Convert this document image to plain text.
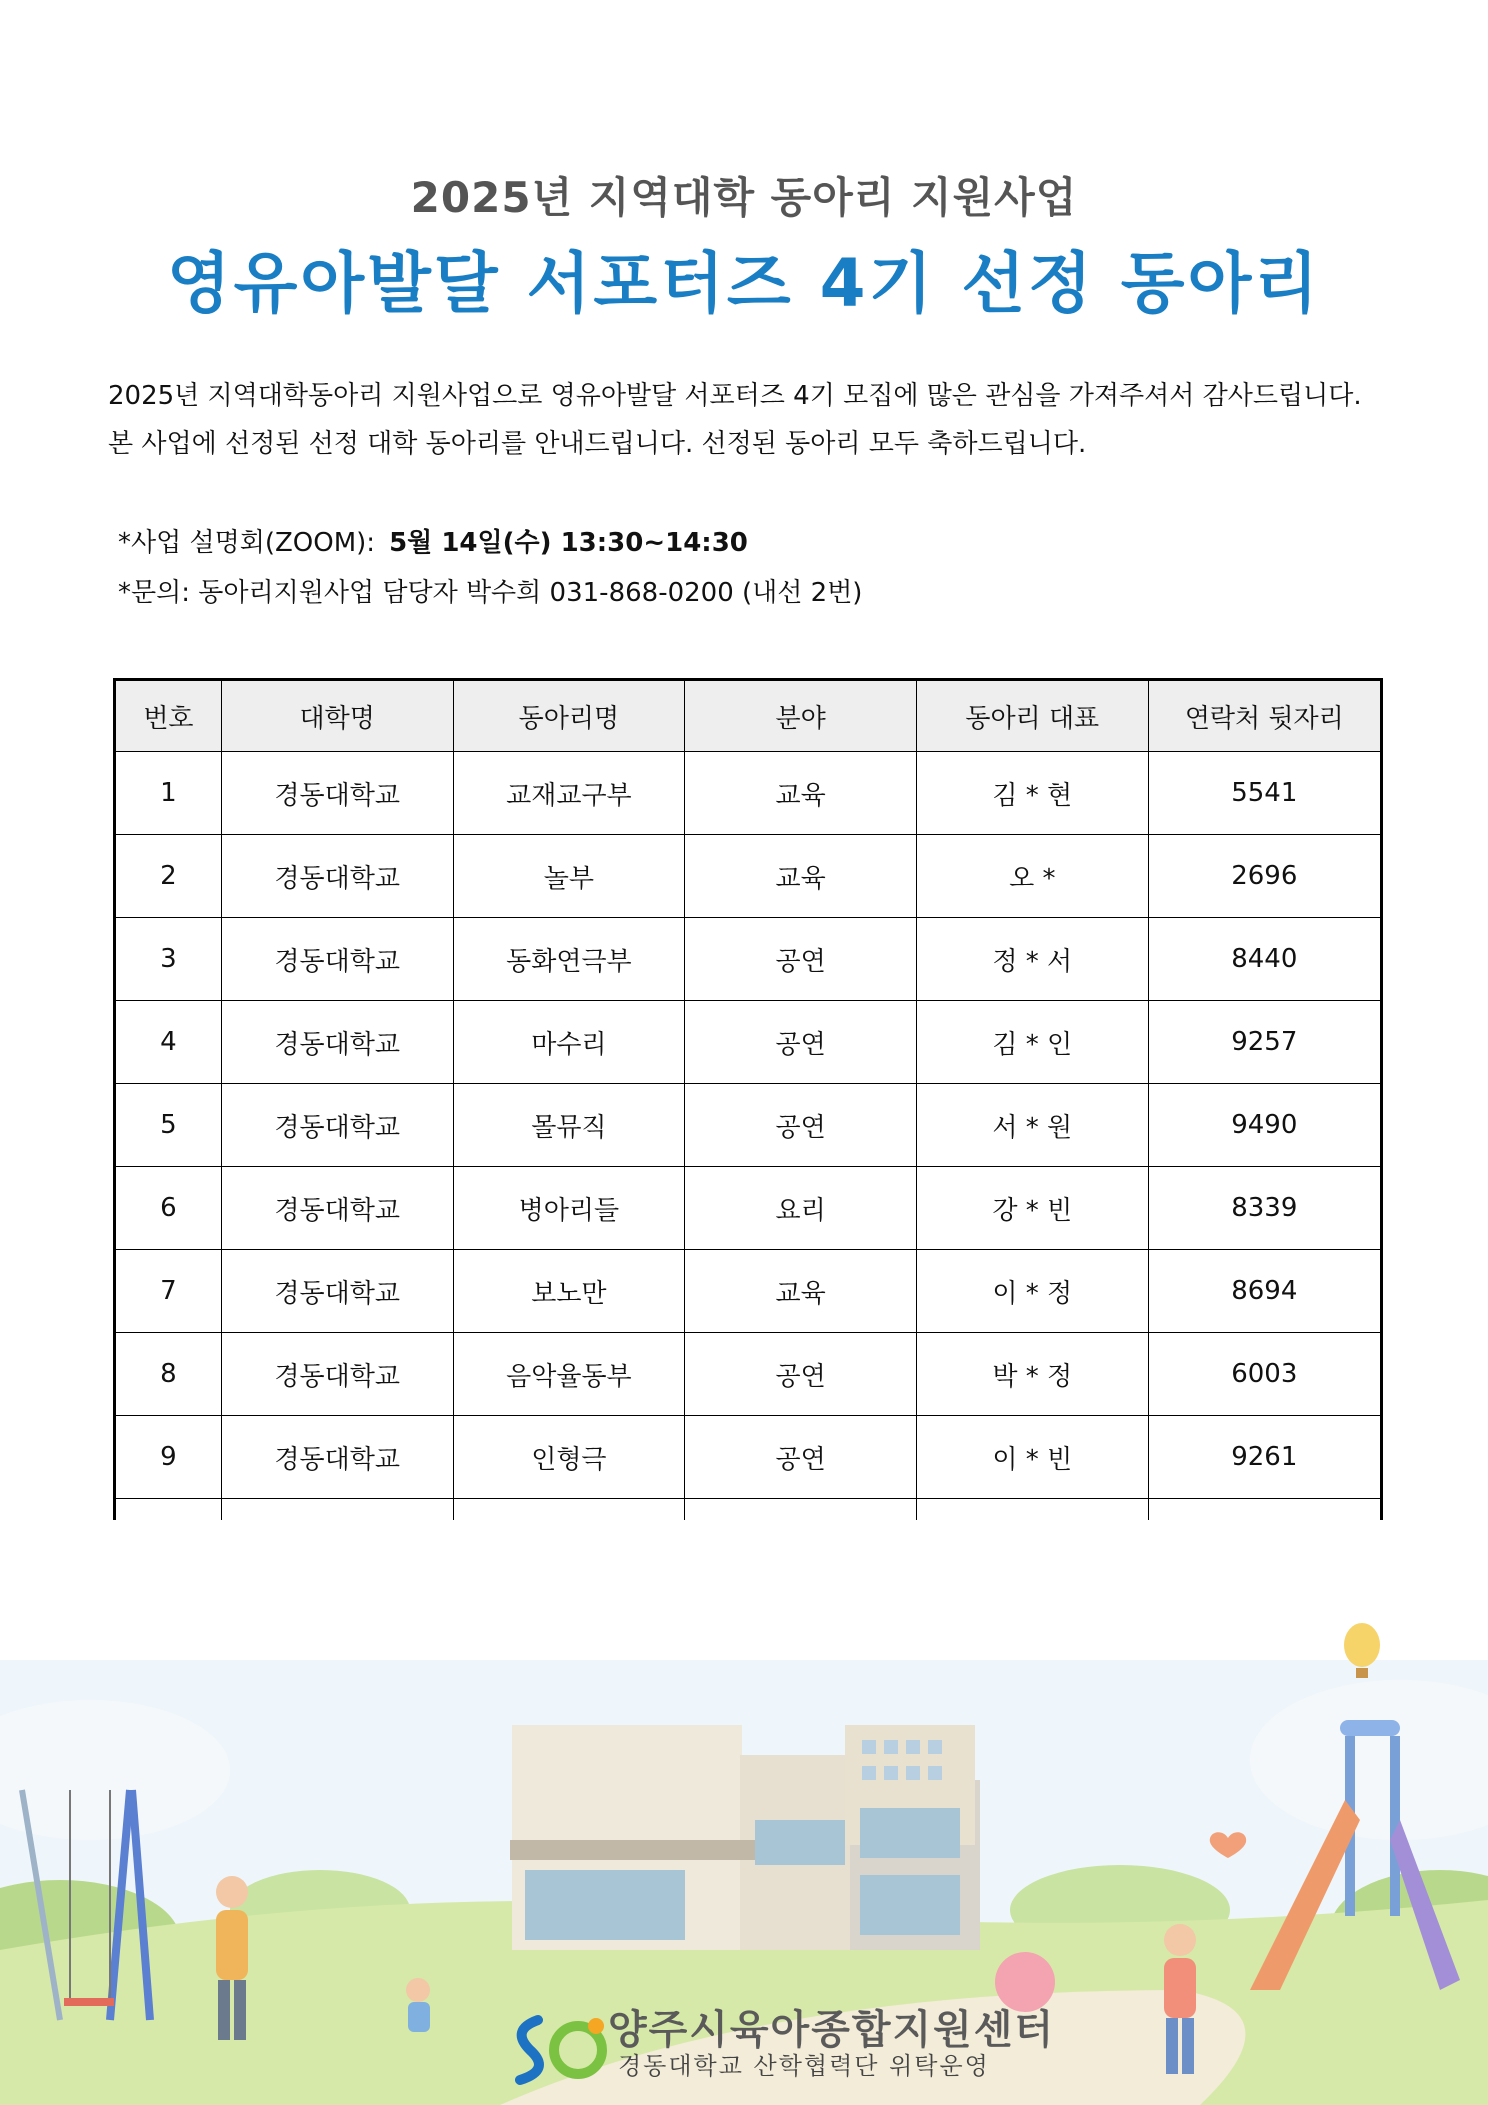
2025년 지역대학 동아리 지원사업
영유아발달 서포터즈 4기 선정 동아리

2025년 지역대학동아리 지원사업으로 영유아발달 서포터즈 4기 모집에 많은 관심을 가져주셔서 감사드립니다.

본 사업에 선정된 선정 대학 동아리를 안내드립니다. 선정된 동아리 모두 축하드립니다.

*사업 설명회(ZOOM): 5월 14일(수) 13:30~14:30

*문의: 동아리지원사업 담당자 박수희 031-868-0200 (내선 2번)

번호	대학명	동아리명	분야	동아리 대표	연락처 뒷자리
1	경동대학교	교재교구부	교육	김 * 현	5541
2	경동대학교	놀부	교육	오 *	2696
3	경동대학교	동화연극부	공연	정 * 서	8440
4	경동대학교	마수리	공연	김 * 인	9257
5	경동대학교	몰뮤직	공연	서 * 원	9490
6	경동대학교	병아리들	요리	강 * 빈	8339
7	경동대학교	보노만	교육	이 * 정	8694
8	경동대학교	음악율동부	공연	박 * 정	6003
9	경동대학교	인형극	공연	이 * 빈	9261

양주시육아종합지원센터

경동대학교 산학협력단 위탁운영
